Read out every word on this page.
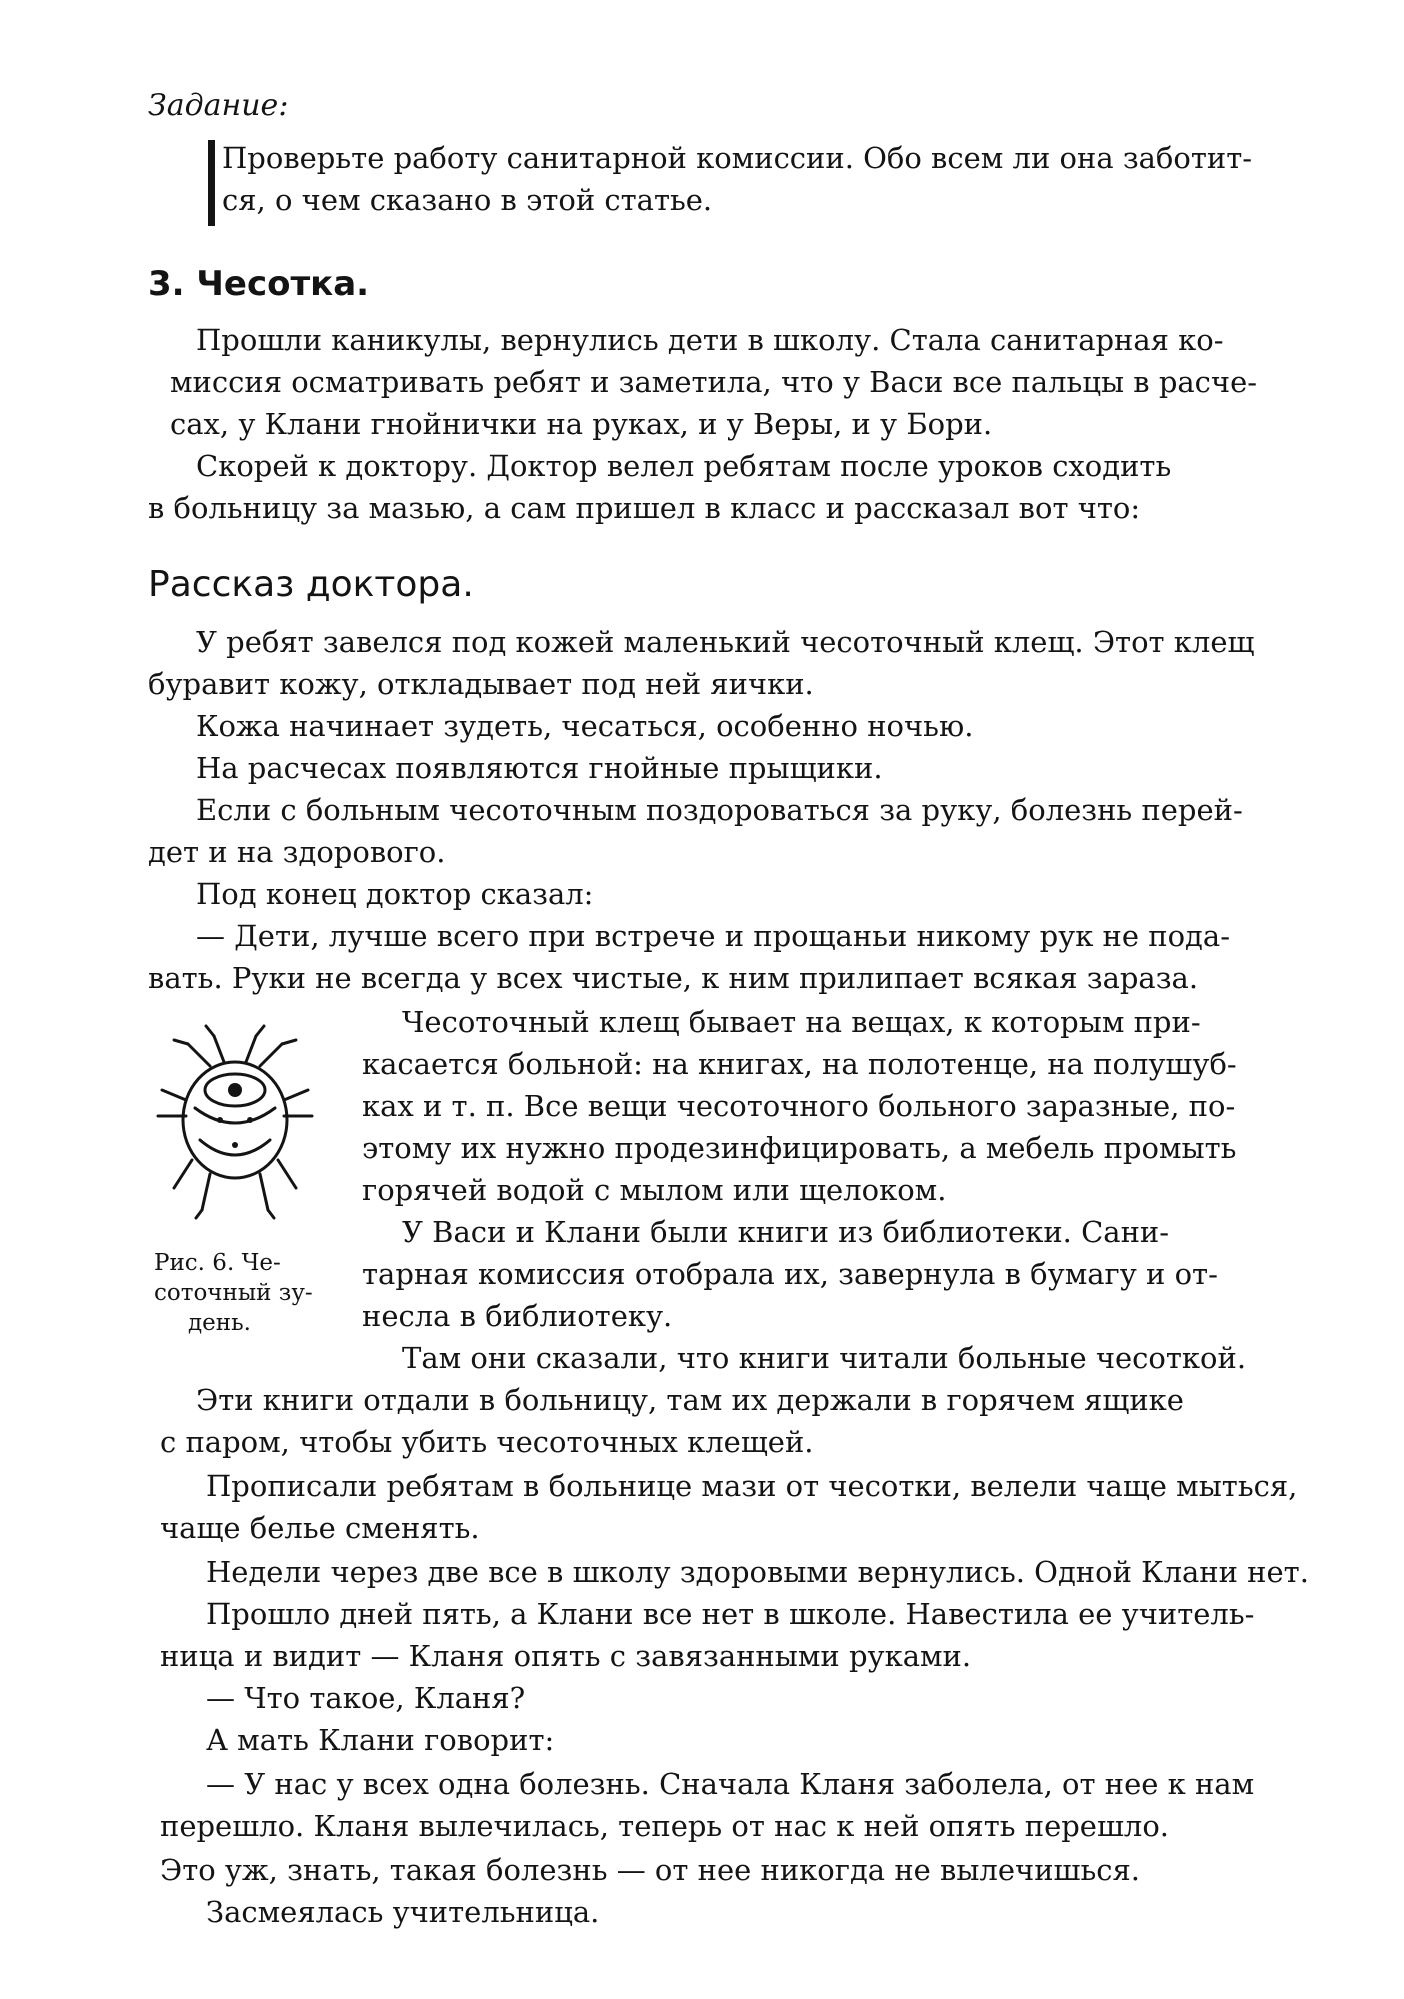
Задание:
Проверьте работу санитарной комиссии. Обо всем ли она заботит-
ся, о чем сказано в этой статье.
3. Чесотка.
Прошли каникулы, вернулись дети в школу. Стала санитарная ко-
миссия осматривать ребят и заметила, что у Васи все пальцы в расче-
сах, у Клани гнойнички на руках, и у Веры, и у Бори.
Скорей к доктору. Доктор велел ребятам после уроков сходить
в больницу за мазью, а сам пришел в класс и рассказал вот что:
Рассказ доктора.
У ребят завелся под кожей маленький чесоточный клещ. Этот клещ
буравит кожу, откладывает под ней яички.
Кожа начинает зудеть, чесаться, особенно ночью.
На расчесах появляются гнойные прыщики.
Если с больным чесоточным поздороваться за руку, болезнь перей-
дет и на здорового.
Под конец доктор сказал:
— Дети, лучше всего при встрече и прощаньи никому рук не пода-
вать. Руки не всегда у всех чистые, к ним прилипает всякая зараза.
Чесоточный клещ бывает на вещах, к которым при-
касается больной: на книгах, на полотенце, на полушуб-
ках и т. п. Все вещи чесоточного больного заразные, по-
этому их нужно продезинфицировать, а мебель промыть
горячей водой с мылом или щелоком.
У Васи и Клани были книги из библиотеки. Сани-
тарная комиссия отобрала их, завернула в бумагу и от-
несла в библиотеку.
Там они сказали, что книги читали больные чесоткой.
Эти книги отдали в больницу, там их держали в горячем ящике
с паром, чтобы убить чесоточных клещей.
Прописали ребятам в больнице мази от чесотки, велели чаще мыться,
чаще белье сменять.
Недели через две все в школу здоровыми вернулись. Одной Клани нет.
Прошло дней пять, а Клани все нет в школе. Навестила ее учитель-
ница и видит — Кланя опять с завязанными руками.
— Что такое, Кланя?
А мать Клани говорит:
— У нас у всех одна болезнь. Сначала Кланя заболела, от нее к нам
перешло. Кланя вылечилась, теперь от нас к ней опять перешло.
Это уж, знать, такая болезнь — от нее никогда не вылечишься.
Засмеялась учительница.
Рис. 6. Че-
соточный зу-
день.
